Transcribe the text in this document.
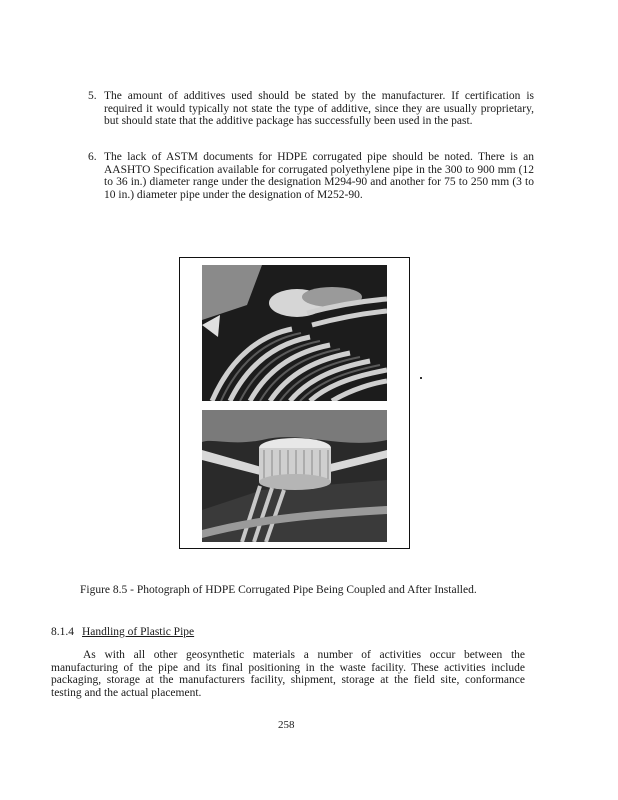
5. The amount of additives used should be stated by the manufacturer. If certification is required it would typically not state the type of additive, since they are usually proprietary, but should state that the additive package has successfully been used in the past.
6. The lack of ASTM documents for HDPE corrugated pipe should be noted. There is an AASHTO Specification available for corrugated polyethylene pipe in the 300 to 900 mm (12 to 36 in.) diameter range under the designation M294-90 and another for 75 to 250 mm (3 to 10 in.) diameter pipe under the designation of M252-90.
Figure 8.5 - Photograph of HDPE Corrugated Pipe Being Coupled and After Installed.
8.1.4 Handling of Plastic Pipe
As with all other geosynthetic materials a number of activities occur between the manufacturing of the pipe and its final positioning in the waste facility. These activities include packaging, storage at the manufacturers facility, shipment, storage at the field site, conformance testing and the actual placement.
258
